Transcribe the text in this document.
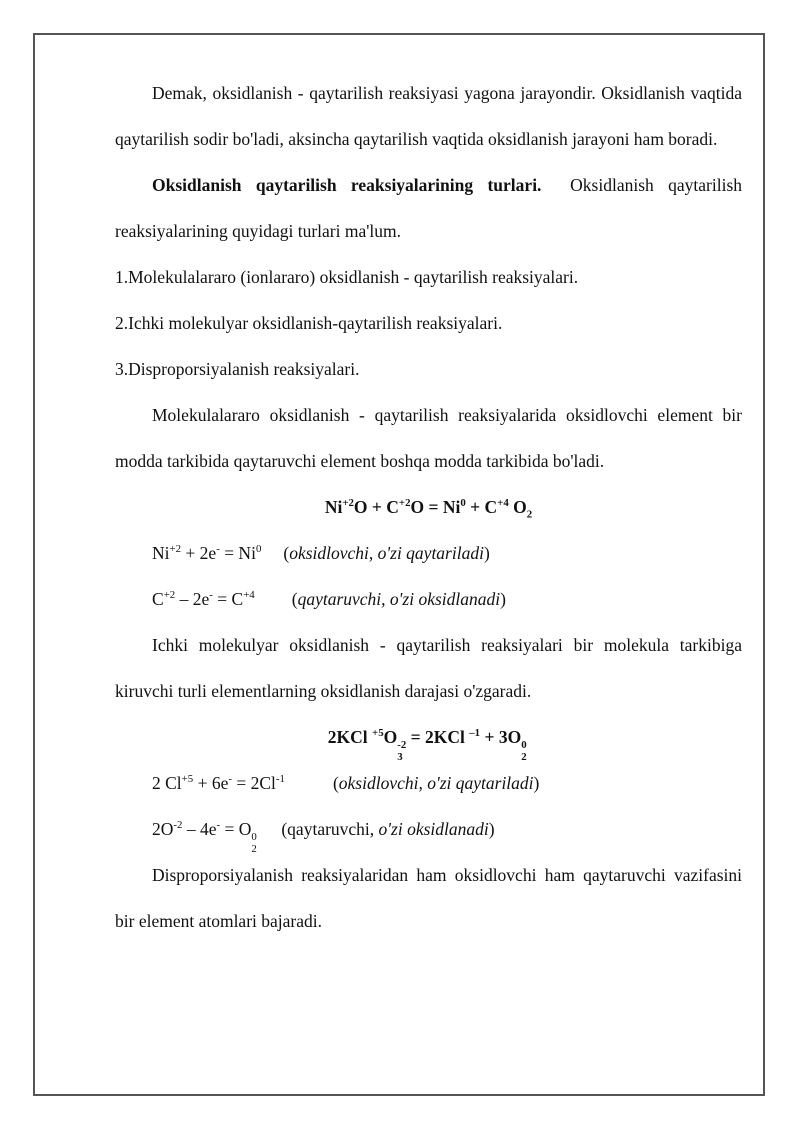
Demak, oksidlanish - qaytarilish reaksiyasi yagona jarayondir. Oksidlanish vaqtida qaytarilish sodir bo'ladi, aksincha qaytarilish vaqtida oksidlanish jarayoni ham boradi.

Oksidlanish qaytarilish reaksiyalarining turlari.  Oksidlanish qaytarilish reaksiyalarining quyidagi turlari ma'lum.

1.Molekulalararo (ionlararo) oksidlanish - qaytarilish reaksiyalari.

2.Ichki molekulyar oksidlanish-qaytarilish reaksiyalari.

3.Disproporsiyalanish reaksiyalari.

Molekulalararo oksidlanish - qaytarilish reaksiyalarida oksidlovchi element bir modda tarkibida qaytaruvchi element boshqa modda tarkibida bo'ladi.

$Ni^{+2}O + C^{+2}O = Ni^0 + C^{+4}$ $O_2$

$Ni^{+2} + 2e^- = Ni^0$ (oksidlovchi, o'zi qaytariladi)

$C^{+2} - 2e^- = C^{+4}$ (qaytaruvchi, o'zi oksidlanadi)

Ichki molekulyar oksidlanish - qaytarilish reaksiyalari bir molekula tarkibiga kiruvchi turli elementlarning oksidlanish darajasi o'zgaradi.

2KCl $^{+5}$O
3
-2 = 2KCl $^{-1}$ + 3O
2
0

2 $Cl^{+5} + 6e^- = 2Cl^{-1}$	(oksidlovchi, o'zi qaytariladi)

$2O^{-2} - 4e^- = O$
2
0 (qaytaruvchi, o'zi oksidlanadi)

Disproporsiyalanish reaksiyalaridan ham oksidlovchi ham qaytaruvchi vazifasini bir element atomlari bajaradi.
